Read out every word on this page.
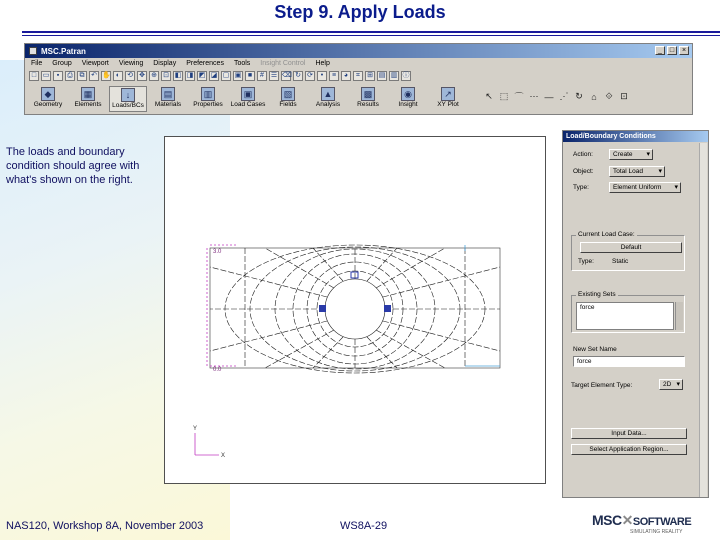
Step 9. Apply Loads
MSC.Patran	_	□	×
File Group Viewport Viewing Display Preferences Tools Insight Control Help
□ ▭	▪	⎙ ⧉ ↶ ✋ ◐ ⟲ ✥ ⊕ ⊡ ◧ ◨ ◩ ◪ ▢ ▣ ■	# ☰ ⌫ ↻ ⟳	•	≡	◕	⌗	⊞ ▤ ▥ ⓘ
◆
Geometry
▦
Elements
↓
Loads/BCs
▤
Materials
▥
Properties
▣
Load Cases
▧
Fields
▲
Analysis
▩
Results
◉
Insight
↗
XY Plot
↖ ⬚ ⌒ ⋯ — ⋰ ↻ ⌂ ⟐ ⊡
The loads and boundary condition should agree with what's shown on the right.
3.0
0.0
Y
X
Load/Boundary Conditions
Action:	Create ▾
Object:	Total Load ▾
Type:	Element Uniform ▾
Current Load Case:
Default
Type:	Static
Existing Sets
force
New Set Name
force
Target Element Type:	2D ▾
Input Data...
Select Application Region...
NAS120, Workshop 8A, November 2003	WS8A-29	MSC✕SOFTWARE
SIMULATING REALITY
